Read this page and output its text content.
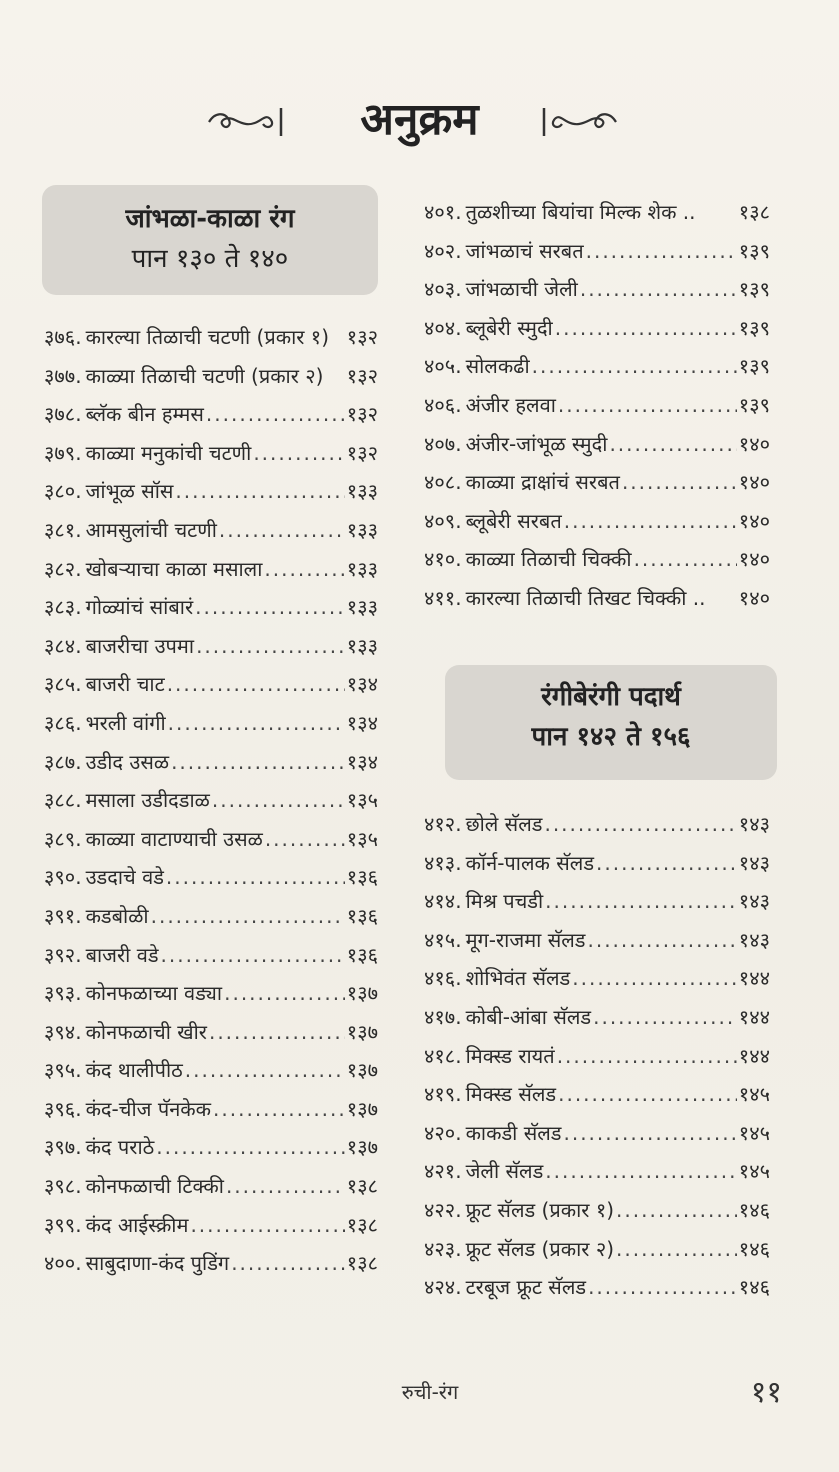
अनुक्रम
जांभळा-काळा रंग
पान १३० ते १४०
३७६. कारल्या तिळाची चटणी (प्रकार १) १३२
३७७. काळ्या तिळाची चटणी (प्रकार २) १३२
३७८. ब्लॅक बीन हम्मस .....	१३२
३७९. काळ्या मनुकांची चटणी .....	१३२
३८०. जांभूळ सॉस .....	१३३
३८१. आमसुलांची चटणी .....	१३३
३८२. खोबऱ्याचा काळा मसाला .....	१३३
३८३. गोळ्यांचं सांबारं .....	१३३
३८४. बाजरीचा उपमा .....	१३३
३८५. बाजरी चाट .....	१३४
३८६. भरली वांगी .....	१३४
३८७. उडीद उसळ .....	१३४
३८८. मसाला उडीदडाळ .....	१३५
३८९. काळ्या वाटाण्याची उसळ .....	१३५
३९०. उडदाचे वडे .....	१३६
३९१. कडबोळी .....	१३६
३९२. बाजरी वडे .....	१३६
३९३. कोनफळाच्या वड्या .....	१३७
३९४. कोनफळाची खीर .....	१३७
३९५. कंद थालीपीठ .....	१३७
३९६. कंद-चीज पॅनकेक .....	१३७
३९७. कंद पराठे .....	१३७
३९८. कोनफळाची टिक्की .....	१३८
३९९. कंद आईस्क्रीम .....	१३८
४००. साबुदाणा-कंद पुडिंग .....	१३८
४०१. तुळशीच्या बियांचा मिल्क शेक .. १३८
४०२. जांभळाचं सरबत .....	१३९
४०३. जांभळाची जेली .....	१३९
४०४. ब्लूबेरी स्मुदी .....	१३९
४०५. सोलकढी .....	१३९
४०६. अंजीर हलवा .....	१३९
४०७. अंजीर-जांभूळ स्मुदी .....	१४०
४०८. काळ्या द्राक्षांचं सरबत .....	१४०
४०९. ब्लूबेरी सरबत .....	१४०
४१०. काळ्या तिळाची चिक्की .....	१४०
४११. कारल्या तिळाची तिखट चिक्की .. १४०
रंगीबेरंगी पदार्थ
पान १४२ ते १५६
४१२. छोले सॅलड .....	१४३
४१३. कॉर्न-पालक सॅलड .....	१४३
४१४. मिश्र पचडी .....	१४३
४१५. मूग-राजमा सॅलड .....	१४३
४१६. शोभिवंत सॅलड .....	१४४
४१७. कोबी-आंबा सॅलड .....	१४४
४१८. मिक्स्ड रायतं .....	१४४
४१९. मिक्स्ड सॅलड .....	१४५
४२०. काकडी सॅलड .....	१४५
४२१. जेली सॅलड .....	१४५
४२२. फ्रूट सॅलड (प्रकार १) .....	१४६
४२३. फ्रूट सॅलड (प्रकार २) .....	१४६
४२४. टरबूज फ्रूट सॅलड .....	१४६
रुची-रंग	११
